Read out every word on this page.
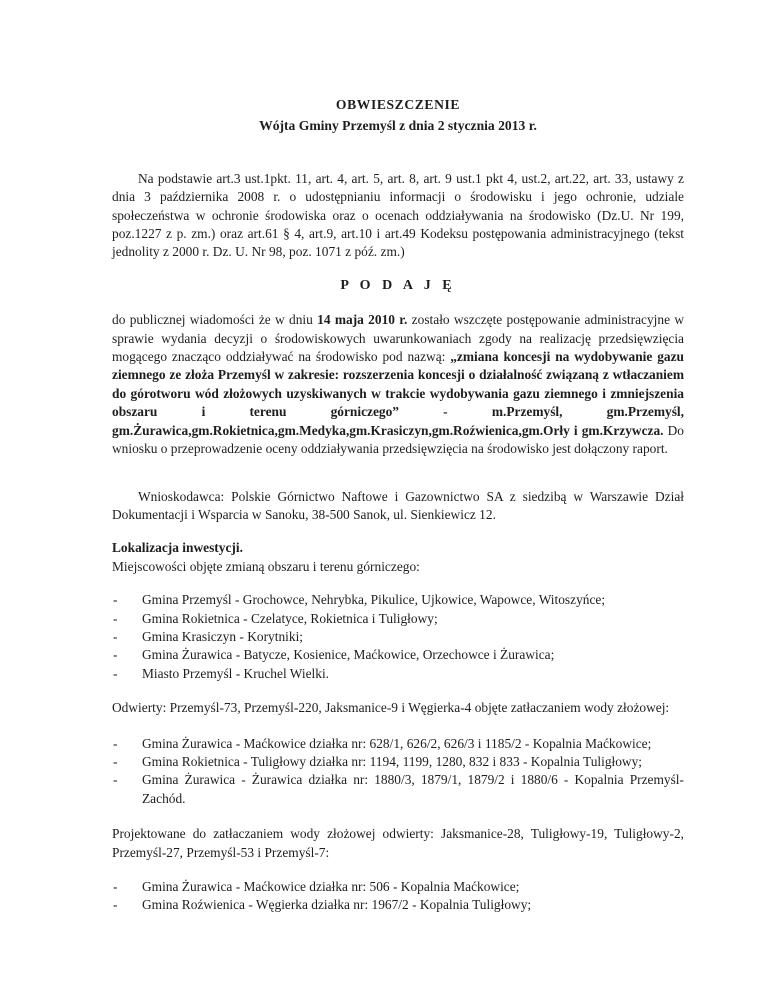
OBWIESZCZENIE

Wójta Gminy Przemyśl z dnia 2 stycznia 2013 r.

Na podstawie art.3 ust.1pkt. 11, art. 4, art. 5, art. 8, art. 9 ust.1 pkt 4, ust.2, art.22, art. 33, ustawy z dnia 3 października 2008 r. o udostępnianiu informacji o środowisku i jego ochronie, udziale społeczeństwa w ochronie środowiska oraz o ocenach oddziaływania na środowisko (Dz.U. Nr 199, poz.1227 z p. zm.) oraz art.61 § 4, art.9, art.10 i art.49 Kodeksu postępowania administracyjnego (tekst jednolity z 2000 r. Dz. U. Nr 98, poz. 1071 z póź. zm.)

P O D A J Ę

do publicznej wiadomości że w dniu 14 maja 2010 r. zostało wszczęte postępowanie administracyjne w sprawie wydania decyzji o środowiskowych uwarunkowaniach zgody na realizację przedsięwzięcia mogącego znacząco oddziaływać na środowisko pod nazwą: „zmiana koncesji na wydobywanie gazu ziemnego ze złoża Przemyśl w zakresie: rozszerzenia koncesji o działalność związaną z wtłaczaniem do górotworu wód złożowych uzyskiwanych w trakcie wydobywania gazu ziemnego i zmniejszenia obszaru i terenu górniczego” - m.Przemyśl, gm.Przemyśl, gm.Żurawica,gm.Rokietnica,gm.Medyka,gm.Krasiczyn,gm.Roźwienica,gm.Orły i gm.Krzywcza. Do wniosku o przeprowadzenie oceny oddziaływania przedsięwzięcia na środowisko jest dołączony raport.

Wnioskodawca: Polskie Górnictwo Naftowe i Gazownictwo SA z siedzibą w Warszawie Dział Dokumentacji i Wsparcia w Sanoku, 38-500 Sanok, ul. Sienkiewicz 12.

Lokalizacja inwestycji.

Miejscowości objęte zmianą obszaru i terenu górniczego:

- Gmina Przemyśl - Grochowce, Nehrybka, Pikulice, Ujkowice, Wapowce, Witoszyńce;
- Gmina Rokietnica - Czelatyce, Rokietnica i Tuligłowy;
- Gmina Krasiczyn - Korytniki;
- Gmina Żurawica - Batycze, Kosienice, Maćkowice, Orzechowce i Żurawica;
- Miasto Przemyśl - Kruchel Wielki.

Odwierty: Przemyśl-73, Przemyśl-220, Jaksmanice-9 i Węgierka-4 objęte zatłaczaniem wody złożowej:

- Gmina Żurawica - Maćkowice działka nr: 628/1, 626/2, 626/3 i 1185/2 - Kopalnia Maćkowice;
- Gmina Rokietnica - Tuligłowy działka nr: 1194, 1199, 1280, 832 i 833 - Kopalnia Tuligłowy;
- Gmina Żurawica - Żurawica działka nr: 1880/3, 1879/1, 1879/2 i 1880/6 - Kopalnia Przemyśl-Zachód.

Projektowane do zatłaczaniem wody złożowej odwierty: Jaksmanice-28, Tuligłowy-19, Tuligłowy-2, Przemyśl-27, Przemyśl-53 i Przemyśl-7:

- Gmina Żurawica - Maćkowice działka nr: 506 - Kopalnia Maćkowice;
- Gmina Roźwienica - Węgierka działka nr: 1967/2 - Kopalnia Tuligłowy;
